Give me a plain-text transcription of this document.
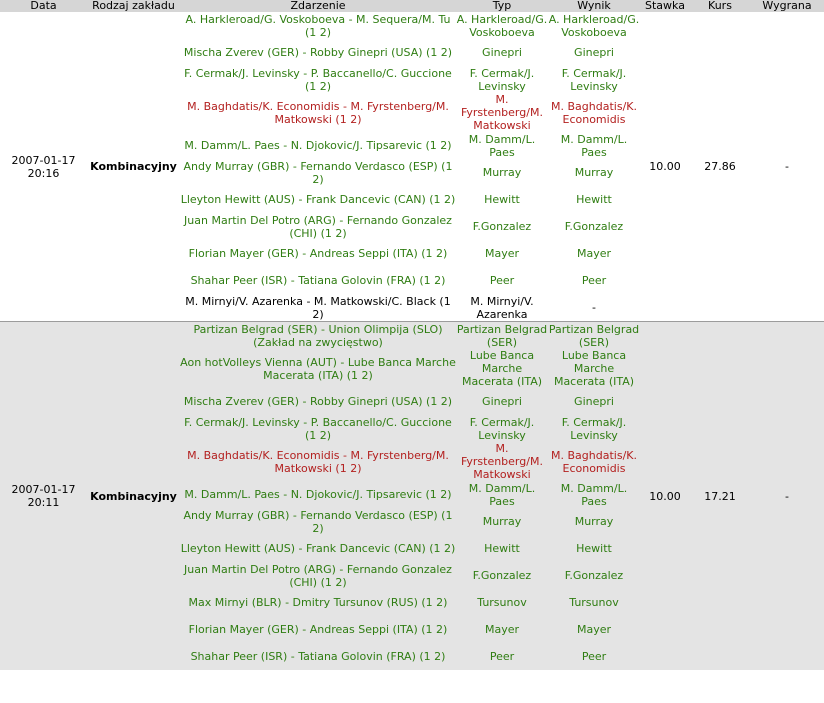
Data	Rodzaj zakładu	Zdarzenie	Typ	Wynik	Stawka	Kurs	Wygrana
2007-01-17
20:16	Kombinacyjny	A. Harkleroad/G. Voskoboeva - M. Sequera/M. Tu (1 2)	A. Harkleroad/G. Voskoboeva	A. Harkleroad/G. Voskoboeva	10.00	27.86	-
		Mischa Zverev (GER) - Robby Ginepri (USA) (1 2)	Ginepri	Ginepri			
		F. Cermak/J. Levinsky - P. Baccanello/C. Guccione (1 2)	F. Cermak/J. Levinsky	F. Cermak/J. Levinsky			
		M. Baghdatis/K. Economidis - M. Fyrstenberg/M. Matkowski (1 2)	M. Fyrstenberg/M. Matkowski	M. Baghdatis/K. Economidis			
		M. Damm/L. Paes - N. Djokovic/J. Tipsarevic (1 2)	M. Damm/L. Paes	M. Damm/L. Paes			
		Andy Murray (GBR) - Fernando Verdasco (ESP) (1 2)	Murray	Murray			
		Lleyton Hewitt (AUS) - Frank Dancevic (CAN) (1 2)	Hewitt	Hewitt			
		Juan Martin Del Potro (ARG) - Fernando Gonzalez (CHI) (1 2)	F.Gonzalez	F.Gonzalez			
		Florian Mayer (GER) - Andreas Seppi (ITA) (1 2)	Mayer	Mayer			
		Shahar Peer (ISR) - Tatiana Golovin (FRA) (1 2)	Peer	Peer			
		M. Mirnyi/V. Azarenka - M. Matkowski/C. Black (1 2)	M. Mirnyi/V. Azarenka	-			

2007-01-17
20:11	Kombinacyjny	Partizan Belgrad (SER) - Union Olimpija (SLO) (Zakład na zwycięstwo)	Partizan Belgrad (SER)	Partizan Belgrad (SER)	10.00	17.21	-
		Aon hotVolleys Vienna (AUT) - Lube Banca Marche Macerata (ITA) (1 2)	Lube Banca Marche Macerata (ITA)	Lube Banca Marche Macerata (ITA)			
		Mischa Zverev (GER) - Robby Ginepri (USA) (1 2)	Ginepri	Ginepri			
		F. Cermak/J. Levinsky - P. Baccanello/C. Guccione (1 2)	F. Cermak/J. Levinsky	F. Cermak/J. Levinsky			
		M. Baghdatis/K. Economidis - M. Fyrstenberg/M. Matkowski (1 2)	M. Fyrstenberg/M. Matkowski	M. Baghdatis/K. Economidis			
		M. Damm/L. Paes - N. Djokovic/J. Tipsarevic (1 2)	M. Damm/L. Paes	M. Damm/L. Paes			
		Andy Murray (GBR) - Fernando Verdasco (ESP) (1 2)	Murray	Murray			
		Lleyton Hewitt (AUS) - Frank Dancevic (CAN) (1 2)	Hewitt	Hewitt			
		Juan Martin Del Potro (ARG) - Fernando Gonzalez (CHI) (1 2)	F.Gonzalez	F.Gonzalez			
		Max Mirnyi (BLR) - Dmitry Tursunov (RUS) (1 2)	Tursunov	Tursunov			
		Florian Mayer (GER) - Andreas Seppi (ITA) (1 2)	Mayer	Mayer			
		Shahar Peer (ISR) - Tatiana Golovin (FRA) (1 2)	Peer	Peer			
